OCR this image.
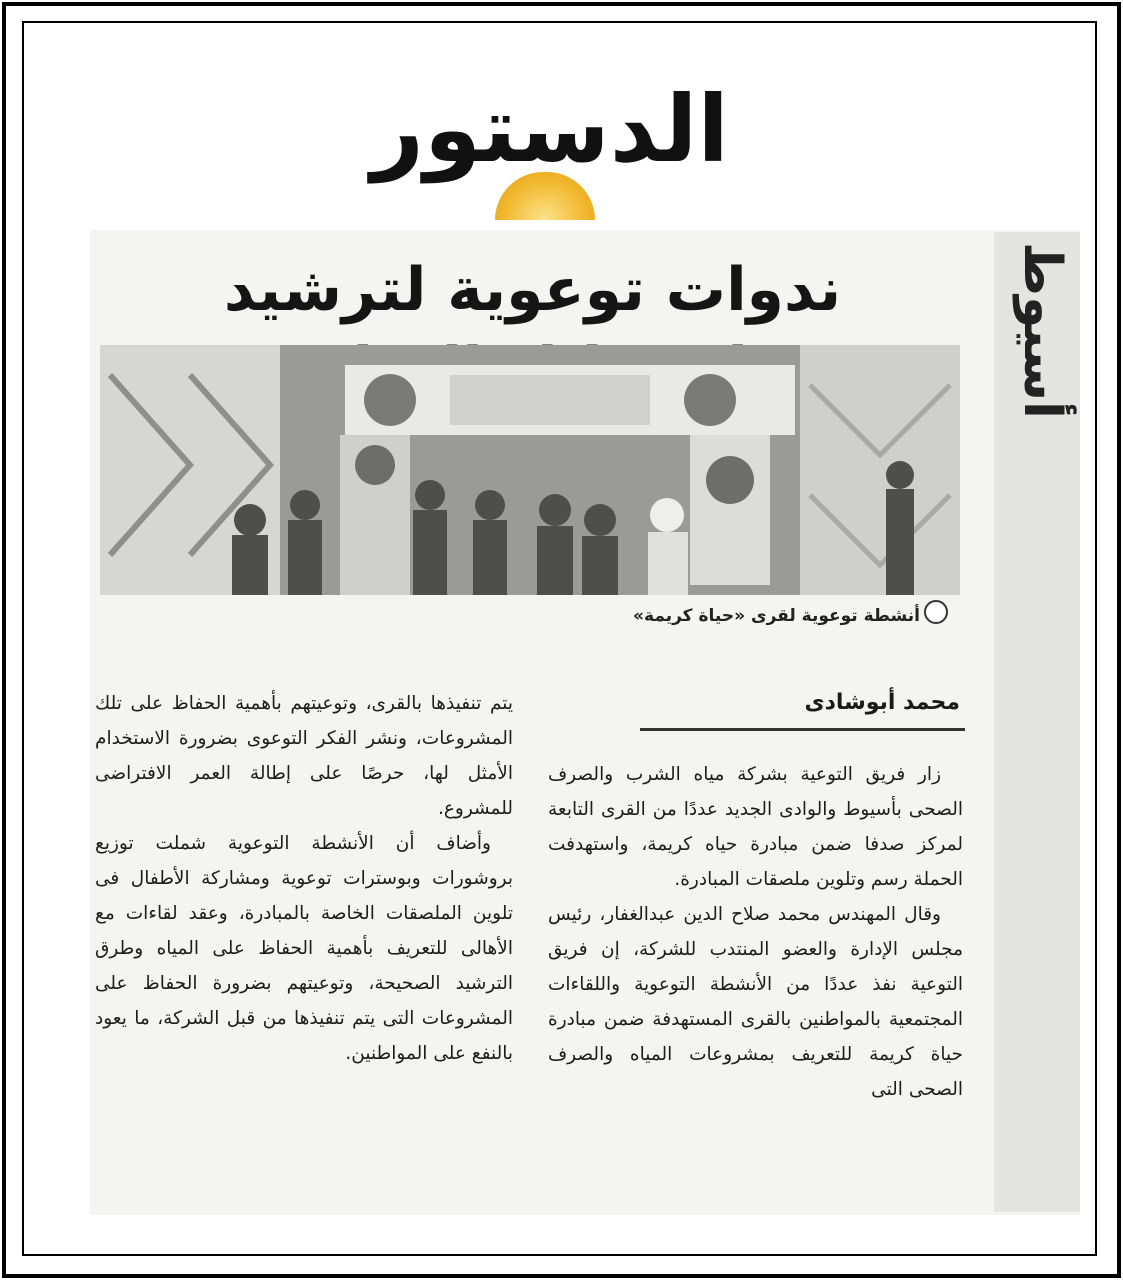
الدستور
أسيوط
ندوات توعوية لترشيد
أنشطة توعوية لقرى «حياة كريمة»
محمد أبوشادى

زار فريق التوعية بشركة مياه الشرب والصرف الصحى بأسيوط والوادى الجديد عددًا من القرى التابعة لمركز صدفا ضمن مبادرة حياه كريمة، واستهدفت الحملة رسم وتلوين ملصقات المبادرة.

وقال المهندس محمد صلاح الدين عبدالغفار، رئيس مجلس الإدارة والعضو المنتدب للشركة، إن فريق التوعية نفذ عددًا من الأنشطة التوعوية واللقاءات المجتمعية بالمواطنين بالقرى المستهدفة ضمن مبادرة حياة كريمة للتعريف بمشروعات المياه والصرف الصحى التى

يتم تنفيذها بالقرى، وتوعيتهم بأهمية الحفاظ على تلك المشروعات، ونشر الفكر التوعوى بضرورة الاستخدام الأمثل لها، حرصًا على إطالة العمر الافتراضى للمشروع.

وأضاف أن الأنشطة التوعوية شملت توزيع بروشورات وبوسترات توعوية ومشاركة الأطفال فى تلوين الملصقات الخاصة بالمبادرة، وعقد لقاءات مع الأهالى للتعريف بأهمية الحفاظ على المياه وطرق الترشيد الصحيحة، وتوعيتهم بضرورة الحفاظ على المشروعات التى يتم تنفيذها من قبل الشركة، ما يعود بالنفع على المواطنين.
